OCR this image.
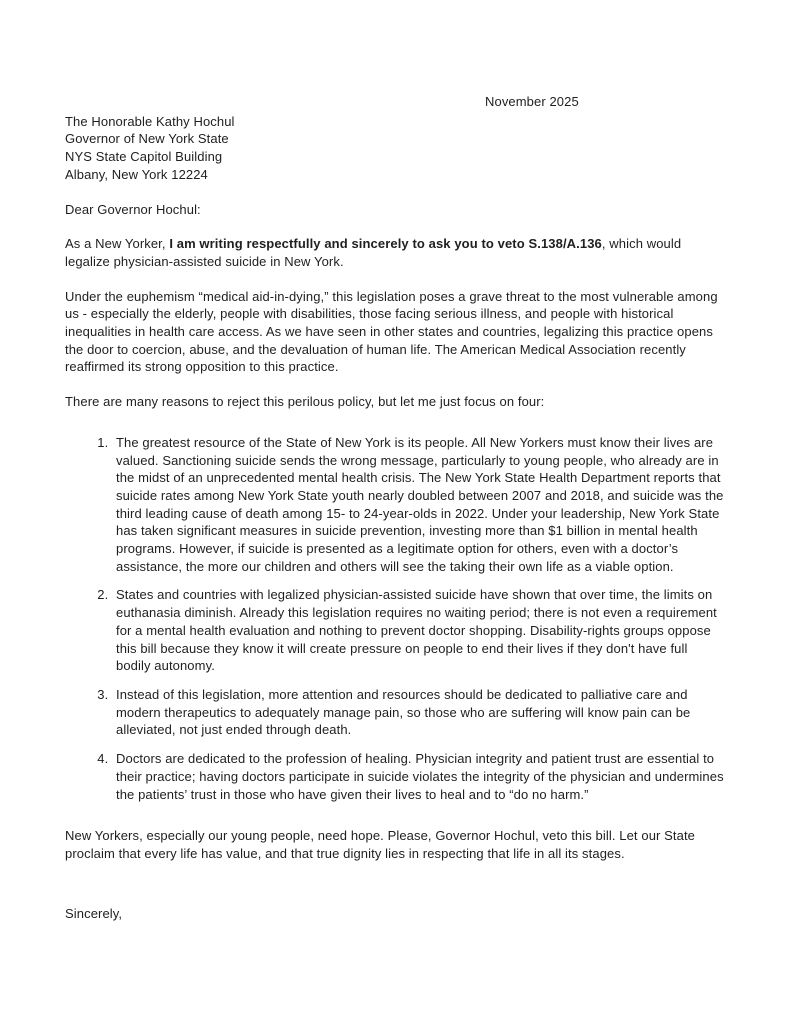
November 2025
The Honorable Kathy Hochul
Governor of New York State
NYS State Capitol Building
Albany, New York 12224
Dear Governor Hochul:

As a New Yorker, I am writing respectfully and sincerely to ask you to veto S.138/A.136, which would legalize physician-assisted suicide in New York.

Under the euphemism “medical aid-in-dying,” this legislation poses a grave threat to the most vulnerable among us - especially the elderly, people with disabilities, those facing serious illness, and people with historical inequalities in health care access. As we have seen in other states and countries, legalizing this practice opens the door to coercion, abuse, and the devaluation of human life. The American Medical Association recently reaffirmed its strong opposition to this practice.

There are many reasons to reject this perilous policy, but let me just focus on four:

1. The greatest resource of the State of New York is its people. All New Yorkers must know their lives are valued. Sanctioning suicide sends the wrong message, particularly to young people, who already are in the midst of an unprecedented mental health crisis. The New York State Health Department reports that suicide rates among New York State youth nearly doubled between 2007 and 2018, and suicide was the third leading cause of death among 15- to 24-year-olds in 2022. Under your leadership, New York State has taken significant measures in suicide prevention, investing more than $1 billion in mental health programs. However, if suicide is presented as a legitimate option for others, even with a doctor’s assistance, the more our children and others will see the taking their own life as a viable option.
2. States and countries with legalized physician-assisted suicide have shown that over time, the limits on euthanasia diminish. Already this legislation requires no waiting period; there is not even a requirement for a mental health evaluation and nothing to prevent doctor shopping. Disability-rights groups oppose this bill because they know it will create pressure on people to end their lives if they don't have full bodily autonomy.
3. Instead of this legislation, more attention and resources should be dedicated to palliative care and modern therapeutics to adequately manage pain, so those who are suffering will know pain can be alleviated, not just ended through death.
4. Doctors are dedicated to the profession of healing. Physician integrity and patient trust are essential to their practice; having doctors participate in suicide violates the integrity of the physician and undermines the patients’ trust in those who have given their lives to heal and to “do no harm.”

New Yorkers, especially our young people, need hope. Please, Governor Hochul, veto this bill. Let our State proclaim that every life has value, and that true dignity lies in respecting that life in all its stages.

Sincerely,
